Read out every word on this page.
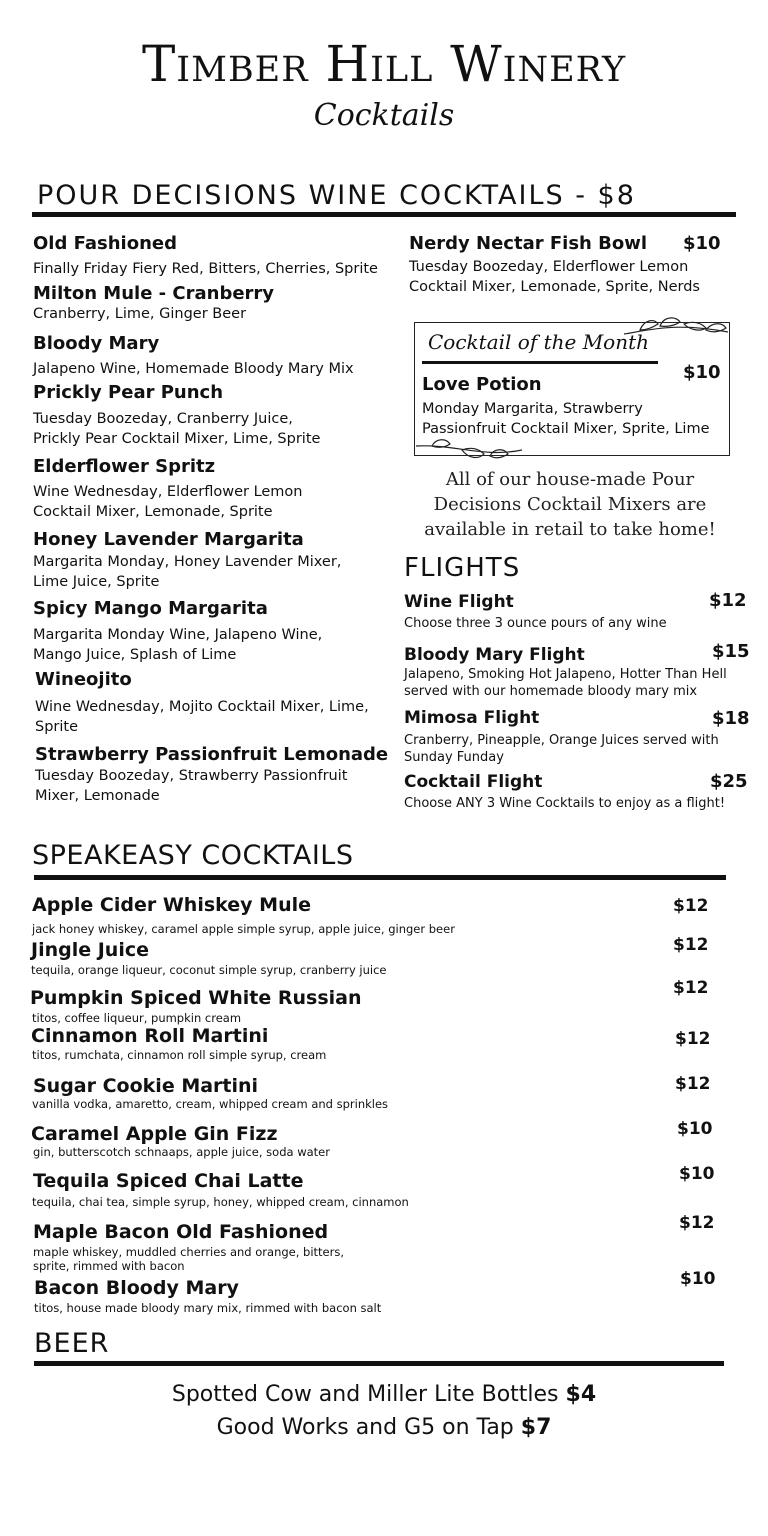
Timber Hill Winery
Cocktails
POUR DECISIONS WINE COCKTAILS - $8
Old Fashioned
Finally Friday Fiery Red, Bitters, Cherries, Sprite
Milton Mule - Cranberry
Cranberry, Lime, Ginger Beer
Bloody Mary
Jalapeno Wine, Homemade Bloody Mary Mix
Prickly Pear Punch
Tuesday Boozeday, Cranberry Juice,
Prickly Pear Cocktail Mixer, Lime, Sprite
Elderflower Spritz
Wine Wednesday, Elderflower Lemon
Cocktail Mixer, Lemonade, Sprite
Honey Lavender Margarita
Margarita Monday, Honey Lavender Mixer,
Lime Juice, Sprite
Spicy Mango Margarita
Margarita Monday Wine, Jalapeno Wine,
Mango Juice, Splash of Lime
Wineojito
Wine Wednesday, Mojito Cocktail Mixer, Lime,
Sprite
Strawberry Passionfruit Lemonade
Tuesday Boozeday, Strawberry Passionfruit
Mixer, Lemonade
Nerdy Nectar Fish Bowl $10
Tuesday Boozeday, Elderflower Lemon
Cocktail Mixer, Lemonade, Sprite, Nerds
Cocktail of the Month
Love Potion
$10
Monday Margarita, Strawberry
Passionfruit Cocktail Mixer, Sprite, Lime
All of our house-made Pour
Decisions Cocktail Mixers are
available in retail to take home!
FLIGHTS
Wine Flight	$12
Choose three 3 ounce pours of any wine
Bloody Mary Flight	$15
Jalapeno, Smoking Hot Jalapeno, Hotter Than Hell
served with our homemade bloody mary mix
Mimosa Flight	$18
Cranberry, Pineapple, Orange Juices served with
Sunday Funday
Cocktail Flight	$25
Choose ANY 3 Wine Cocktails to enjoy as a flight!
SPEAKEASY COCKTAILS
Apple Cider Whiskey Mule	$12
jack honey whiskey, caramel apple simple syrup, apple juice, ginger beer
Jingle Juice	$12
tequila, orange liqueur, coconut simple syrup, cranberry juice
Pumpkin Spiced White Russian	$12
titos, coffee liqueur, pumpkin cream
Cinnamon Roll Martini	$12
titos, rumchata, cinnamon roll simple syrup, cream
Sugar Cookie Martini	$12
vanilla vodka, amaretto, cream, whipped cream and sprinkles
Caramel Apple Gin Fizz	$10
gin, butterscotch schnaaps, apple juice, soda water
Tequila Spiced Chai Latte	$10
tequila, chai tea, simple syrup, honey, whipped cream, cinnamon
Maple Bacon Old Fashioned	$12
maple whiskey, muddled cherries and orange, bitters,
sprite, rimmed with bacon
Bacon Bloody Mary	$10
titos, house made bloody mary mix, rimmed with bacon salt
BEER
Spotted Cow and Miller Lite Bottles $4
Good Works and G5 on Tap $7
